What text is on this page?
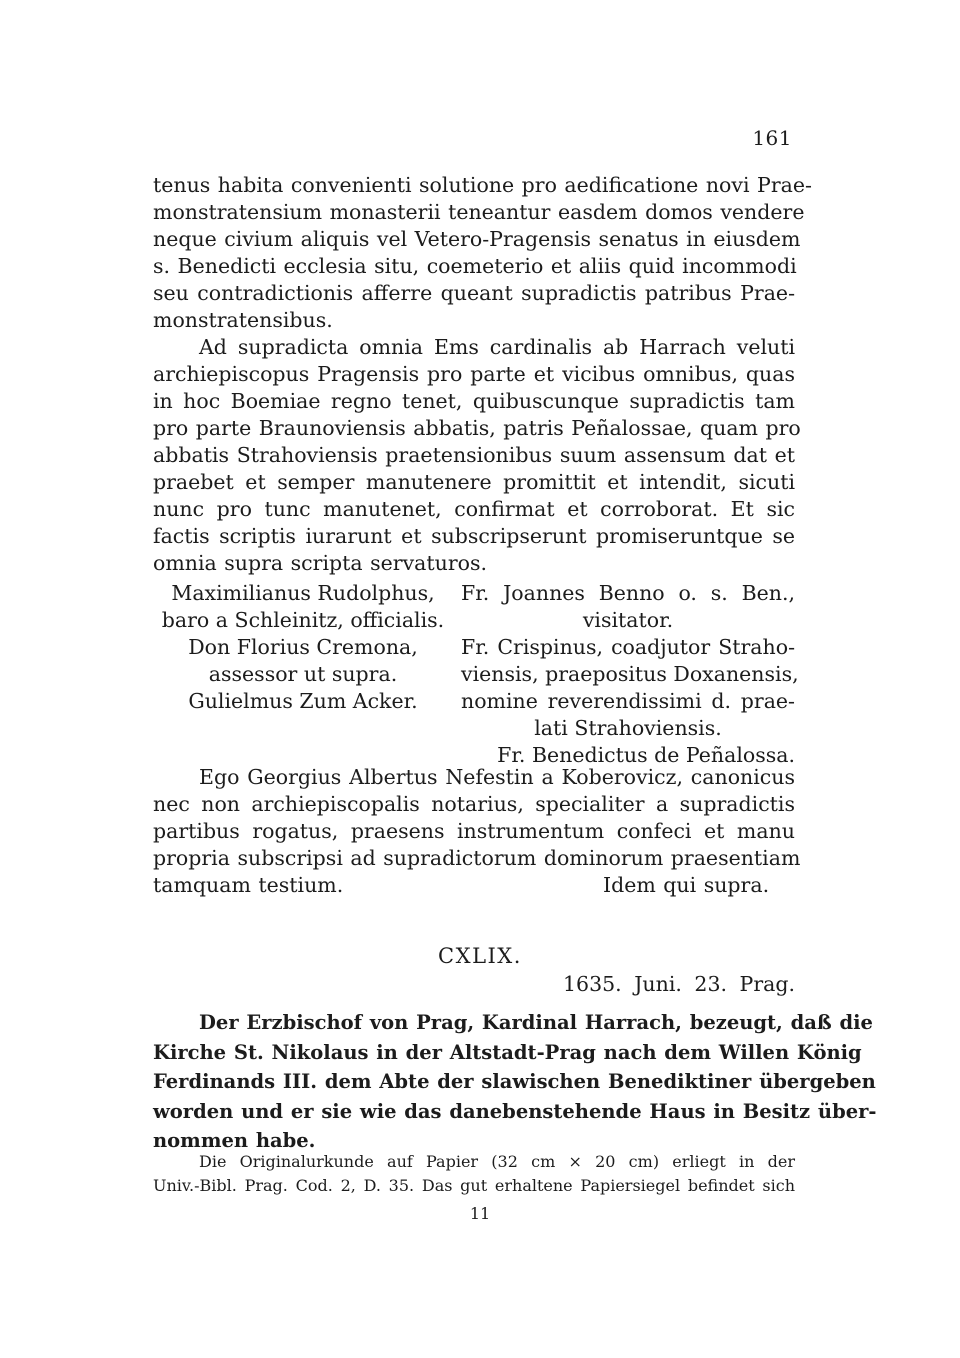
161
tenus habita convenienti solutione pro aedificatione novi Prae-
monstratensium monasterii teneantur easdem domos vendere
neque civium aliquis vel Vetero-Pragensis senatus in eiusdem
s. Benedicti ecclesia situ, coemeterio et aliis quid incommodi
seu contradictionis afferre queant supradictis patribus Prae-
monstratensibus.
Ad supradicta omnia Ems cardinalis ab Harrach veluti
archiepiscopus Pragensis pro parte et vicibus omnibus, quas
in hoc Boemiae regno tenet, quibuscunque supradictis tam
pro parte Braunoviensis abbatis, patris Peñalossae, quam pro
abbatis Strahoviensis praetensionibus suum assensum dat et
praebet et semper manutenere promittit et intendit, sicuti
nunc pro tunc manutenet, confirmat et corroborat. Et sic
factis scriptis iurarunt et subscripserunt promiseruntque se
omnia supra scripta servaturos.
Maximilianus Rudolphus,
baro a Schleinitz, officialis.
Don Florius Cremona,
assessor ut supra.
Gulielmus Zum Acker.
Fr. Joannes Benno o. s. Ben.,
visitator.
Fr. Crispinus, coadjutor Straho-
viensis, praepositus Doxanensis,
nomine reverendissimi d. prae-
lati Strahoviensis.
Fr. Benedictus de Peñalossa.
Ego Georgius Albertus Nefestin a Koberovicz, canonicus
nec non archiepiscopalis notarius, specialiter a supradictis
partibus rogatus, praesens instrumentum confeci et manu
propria subscripsi ad supradictorum dominorum praesentiam
tamquam testium.	Idem qui supra.
CXLIX.
1635. Juni. 23. Prag.
Der Erzbischof von Prag, Kardinal Harrach, bezeugt, daß die
Kirche St. Nikolaus in der Altstadt-Prag nach dem Willen König
Ferdinands III. dem Abte der slawischen Benediktiner übergeben
worden und er sie wie das danebenstehende Haus in Besitz über-
nommen habe.
Die Originalurkunde auf Papier (32 cm × 20 cm) erliegt in der
Univ.-Bibl. Prag. Cod. 2, D. 35. Das gut erhaltene Papiersiegel befindet sich
11
